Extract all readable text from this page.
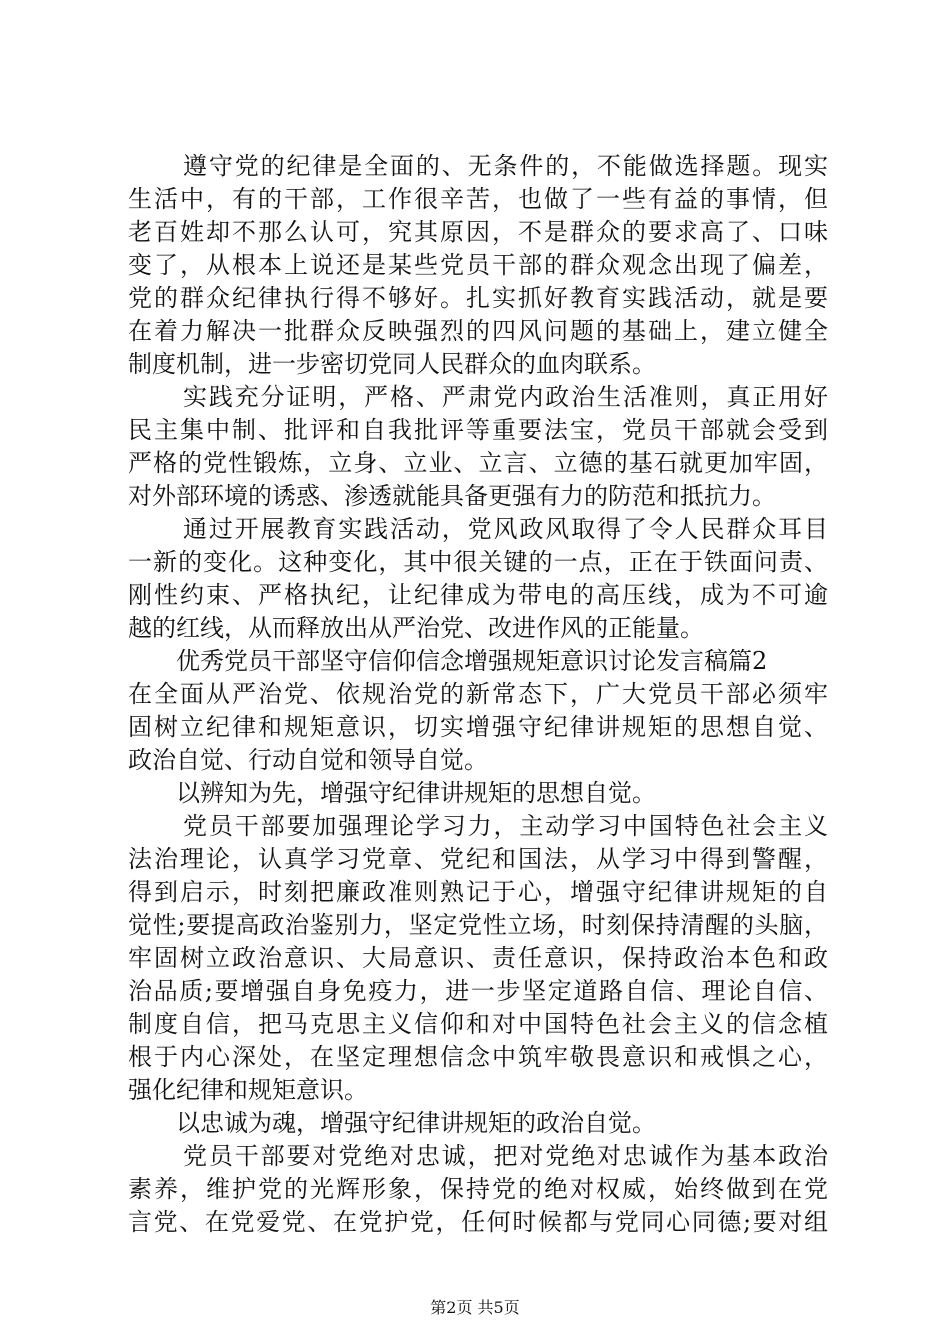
遵守党的纪律是全面的、无条件的，不能做选择题。现实
生活中，有的干部，工作很辛苦，也做了一些有益的事情，但
老百姓却不那么认可，究其原因，不是群众的要求高了、口味
变了，从根本上说还是某些党员干部的群众观念出现了偏差，
党的群众纪律执行得不够好。扎实抓好教育实践活动，就是要
在着力解决一批群众反映强烈的四风问题的基础上，建立健全
制度机制，进一步密切党同人民群众的血肉联系。
实践充分证明，严格、严肃党内政治生活准则，真正用好
民主集中制、批评和自我批评等重要法宝，党员干部就会受到
严格的党性锻炼，立身、立业、立言、立德的基石就更加牢固，
对外部环境的诱惑、渗透就能具备更强有力的防范和抵抗力。
通过开展教育实践活动，党风政风取得了令人民群众耳目
一新的变化。这种变化，其中很关键的一点，正在于铁面问责、
刚性约束、严格执纪，让纪律成为带电的高压线，成为不可逾
越的红线，从而释放出从严治党、改进作风的正能量。
优秀党员干部坚守信仰信念增强规矩意识讨论发言稿篇2
在全面从严治党、依规治党的新常态下，广大党员干部必须牢
固树立纪律和规矩意识，切实增强守纪律讲规矩的思想自觉、
政治自觉、行动自觉和领导自觉。
以辨知为先，增强守纪律讲规矩的思想自觉。
党员干部要加强理论学习力，主动学习中国特色社会主义
法治理论，认真学习党章、党纪和国法，从学习中得到警醒，
得到启示，时刻把廉政准则熟记于心，增强守纪律讲规矩的自
觉性;要提高政治鉴别力，坚定党性立场，时刻保持清醒的头脑，
牢固树立政治意识、大局意识、责任意识，保持政治本色和政
治品质;要增强自身免疫力，进一步坚定道路自信、理论自信、
制度自信，把马克思主义信仰和对中国特色社会主义的信念植
根于内心深处，在坚定理想信念中筑牢敬畏意识和戒惧之心，
强化纪律和规矩意识。
以忠诚为魂，增强守纪律讲规矩的政治自觉。
党员干部要对党绝对忠诚，把对党绝对忠诚作为基本政治
素养，维护党的光辉形象，保持党的绝对权威，始终做到在党
言党、在党爱党、在党护党，任何时候都与党同心同德;要对组
第2页 共5页
